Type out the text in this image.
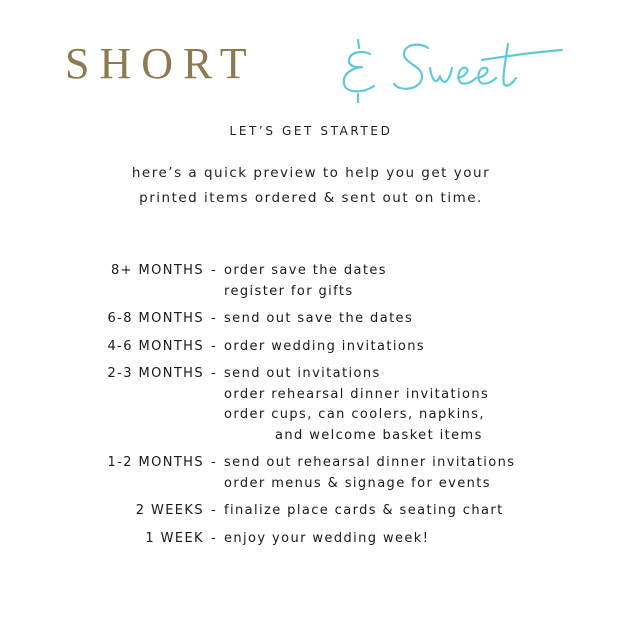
SHORT
& Sweet
LET’S GET STARTED
here’s a quick preview to help you get your
printed items ordered & sent out on time.
8+ MONTHS - order save the dates
register for gifts
6-8 MONTHS - send out save the dates
4-6 MONTHS - order wedding invitations
2-3 MONTHS - send out invitations
order rehearsal dinner invitations
order cups, can coolers, napkins,
and welcome basket items
1-2 MONTHS - send out rehearsal dinner invitations
order menus & signage for events
2 WEEKS - finalize place cards & seating chart
1 WEEK - enjoy your wedding week!
